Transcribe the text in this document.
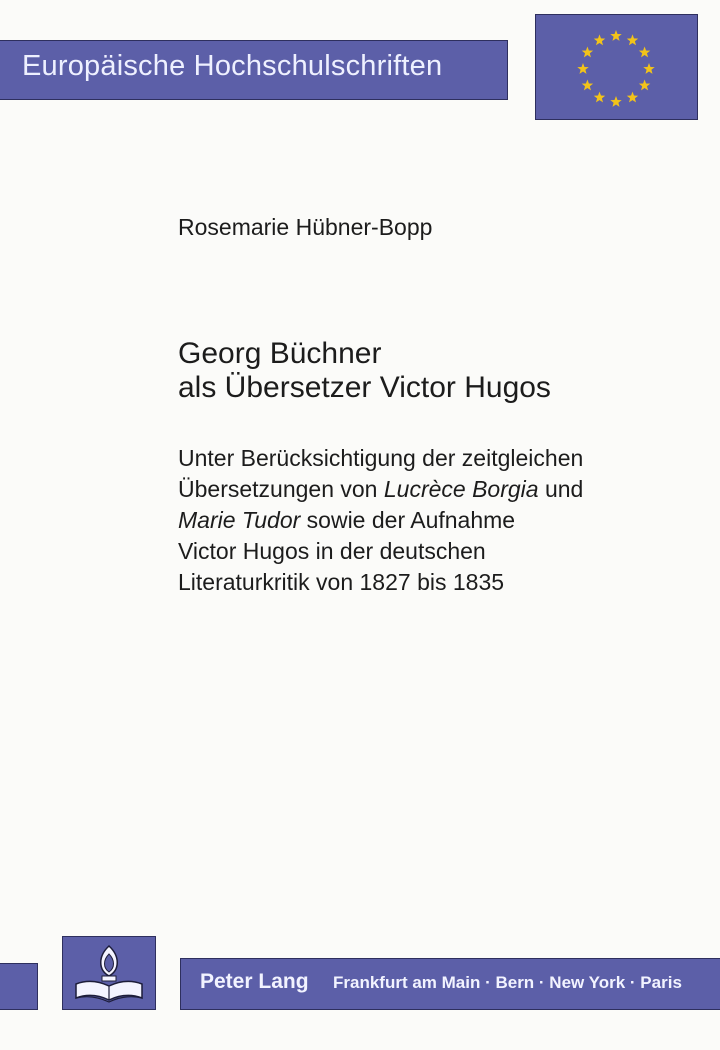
Europäische Hochschulschriften
Rosemarie Hübner-Bopp
Georg Büchner
als Übersetzer Victor Hugos
Unter Berücksichtigung der zeitgleichen
Übersetzungen von Lucrèce Borgia und
Marie Tudor sowie der Aufnahme
Victor Hugos in der deutschen
Literaturkritik von 1827 bis 1835
Peter Lang Frankfurt am Main · Bern · New York · Paris
